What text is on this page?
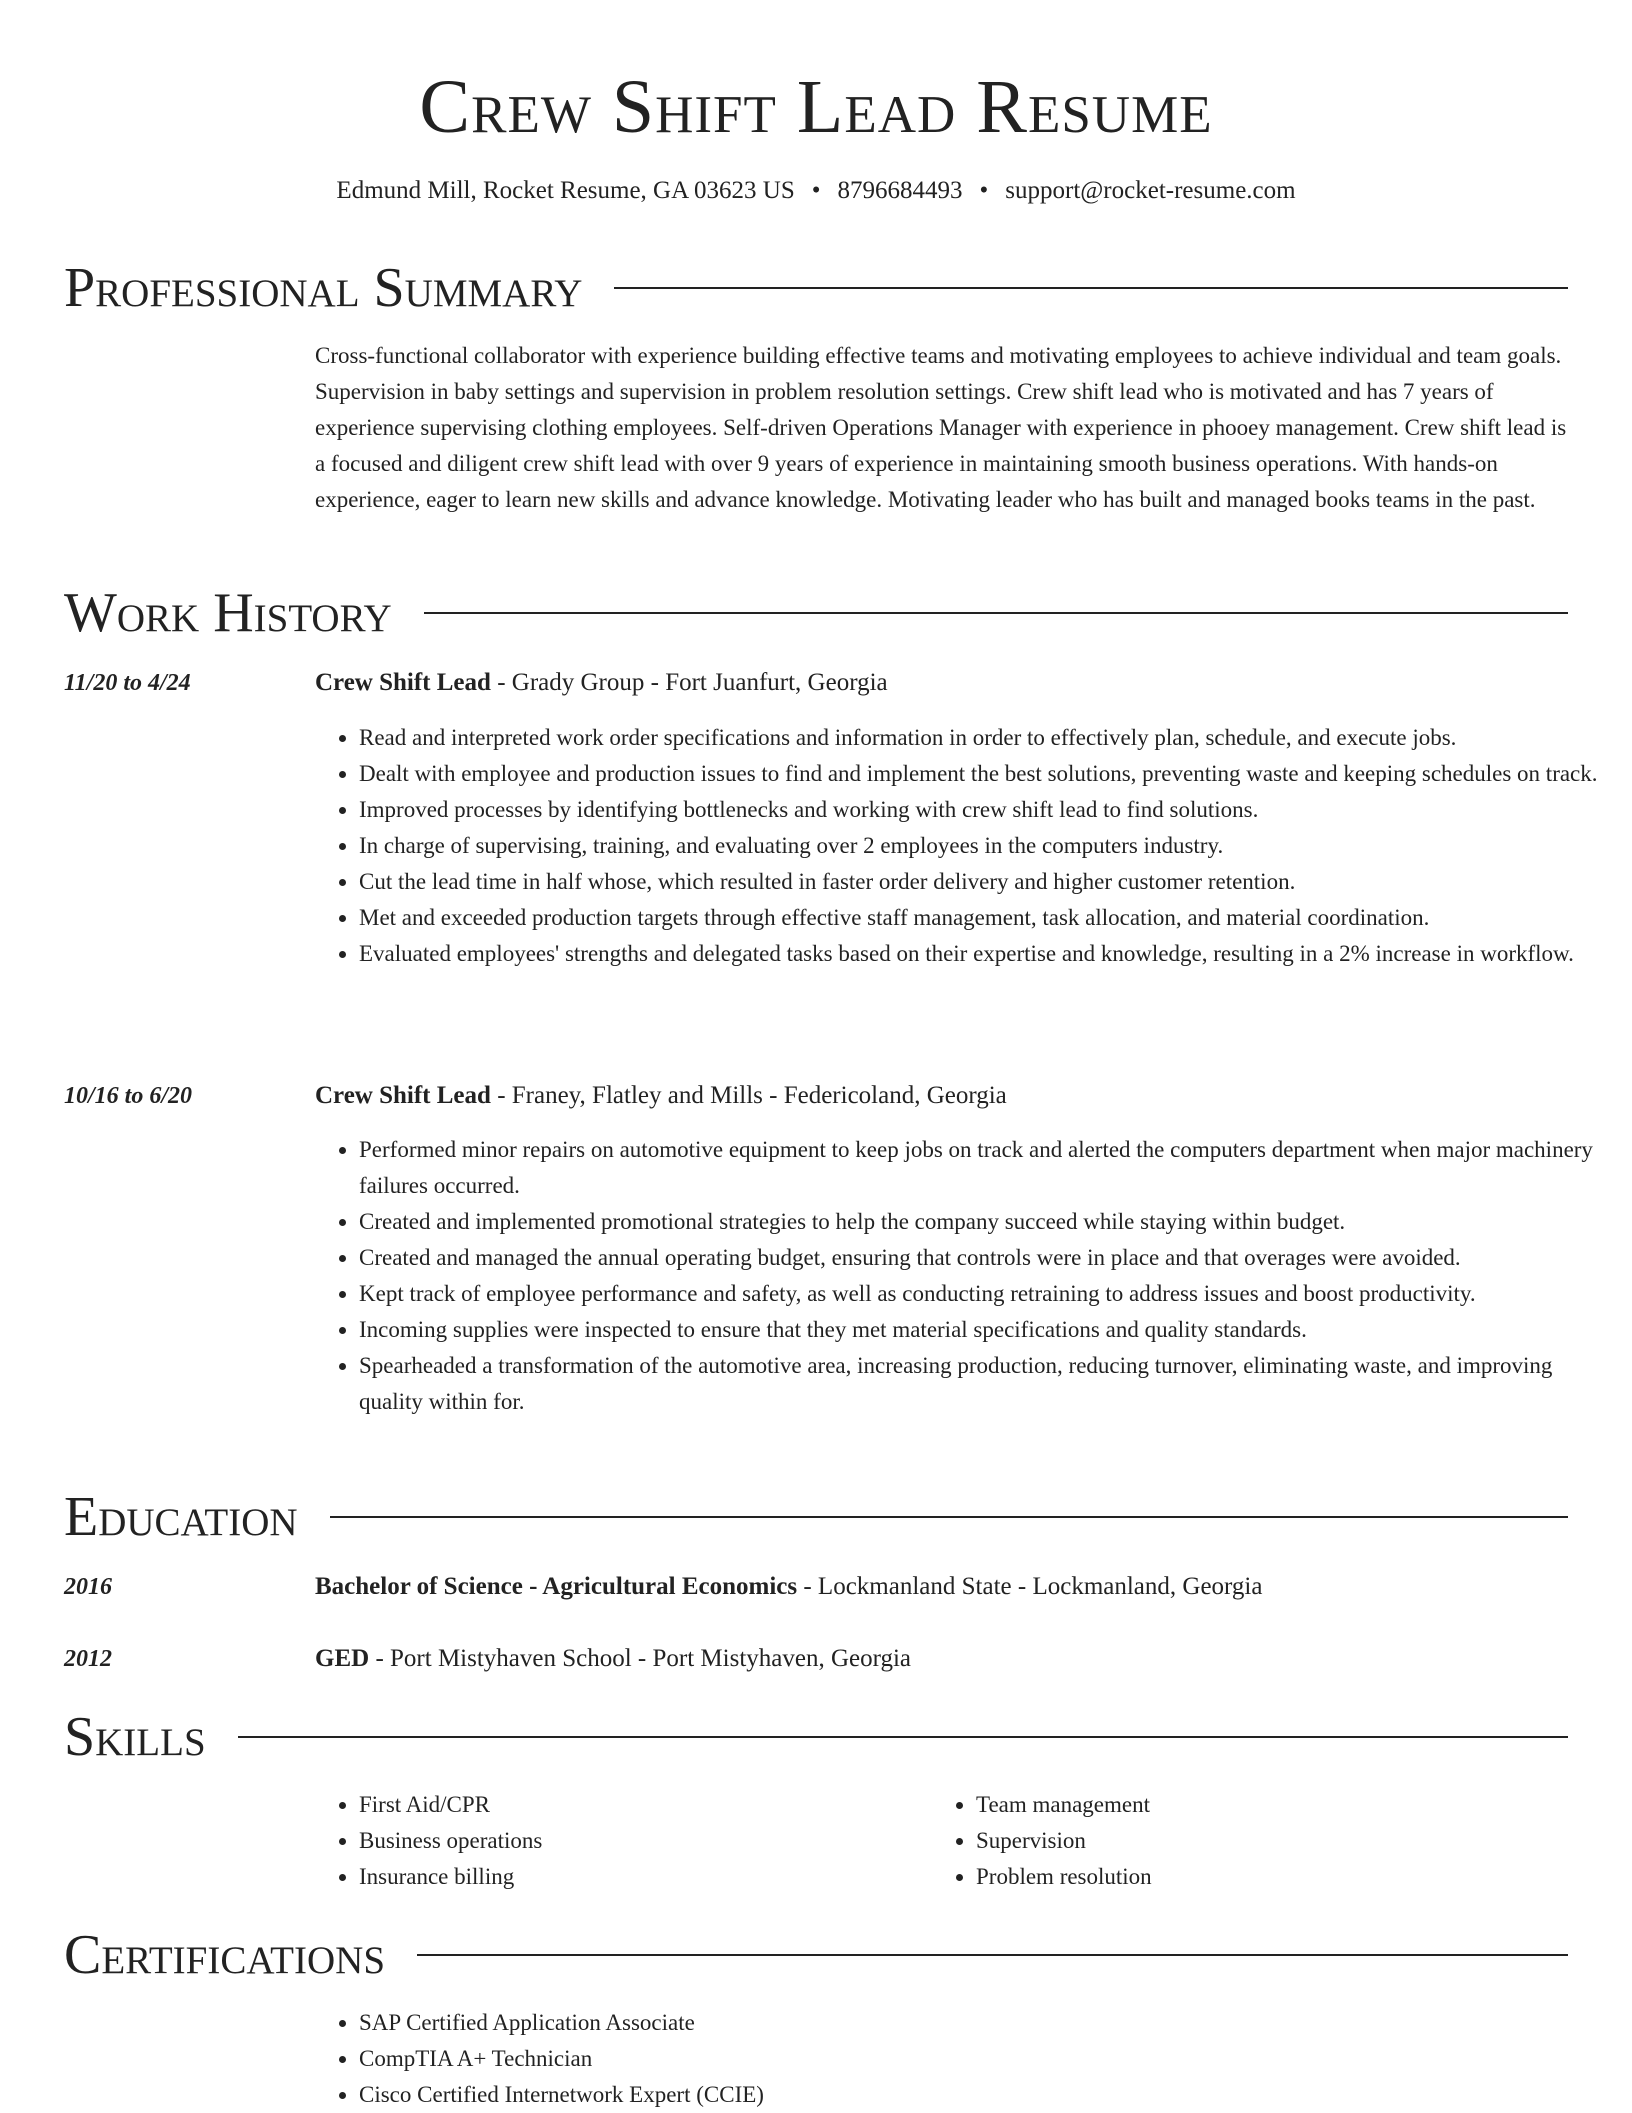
Crew Shift Lead Resume
Edmund Mill, Rocket Resume, GA 03623 US • 8796684493 • support@rocket-resume.com
Professional Summary

Cross-functional collaborator with experience building effective teams and motivating employees to achieve individual and team goals. Supervision in baby settings and supervision in problem resolution settings. Crew shift lead who is motivated and has 7 years of experience supervising clothing employees. Self-driven Operations Manager with experience in phooey management. Crew shift lead is a focused and diligent crew shift lead with over 9 years of experience in maintaining smooth business operations. With hands-on experience, eager to learn new skills and advance knowledge. Motivating leader who has built and managed books teams in the past.

Work History
11/20 to 4/24	Crew Shift Lead - Grady Group - Fort Juanfurt, Georgia
• Read and interpreted work order specifications and information in order to effectively plan, schedule, and execute jobs.
• Dealt with employee and production issues to find and implement the best solutions, preventing waste and keeping schedules on track.
• Improved processes by identifying bottlenecks and working with crew shift lead to find solutions.
• In charge of supervising, training, and evaluating over 2 employees in the computers industry.
• Cut the lead time in half whose, which resulted in faster order delivery and higher customer retention.
• Met and exceeded production targets through effective staff management, task allocation, and material coordination.
• Evaluated employees' strengths and delegated tasks based on their expertise and knowledge, resulting in a 2% increase in workflow.
10/16 to 6/20	Crew Shift Lead - Franey, Flatley and Mills - Federicoland, Georgia
• Performed minor repairs on automotive equipment to keep jobs on track and alerted the computers department when major machinery failures occurred.
• Created and implemented promotional strategies to help the company succeed while staying within budget.
• Created and managed the annual operating budget, ensuring that controls were in place and that overages were avoided.
• Kept track of employee performance and safety, as well as conducting retraining to address issues and boost productivity.
• Incoming supplies were inspected to ensure that they met material specifications and quality standards.
• Spearheaded a transformation of the automotive area, increasing production, reducing turnover, eliminating waste, and improving quality within for.
Education
2016	Bachelor of Science - Agricultural Economics - Lockmanland State - Lockmanland, Georgia
2012	GED - Port Mistyhaven School - Port Mistyhaven, Georgia
Skills
• First Aid/CPR
• Business operations
• Insurance billing
• Team management
• Supervision
• Problem resolution
Certifications
• SAP Certified Application Associate
• CompTIA A+ Technician
• Cisco Certified Internetwork Expert (CCIE)
